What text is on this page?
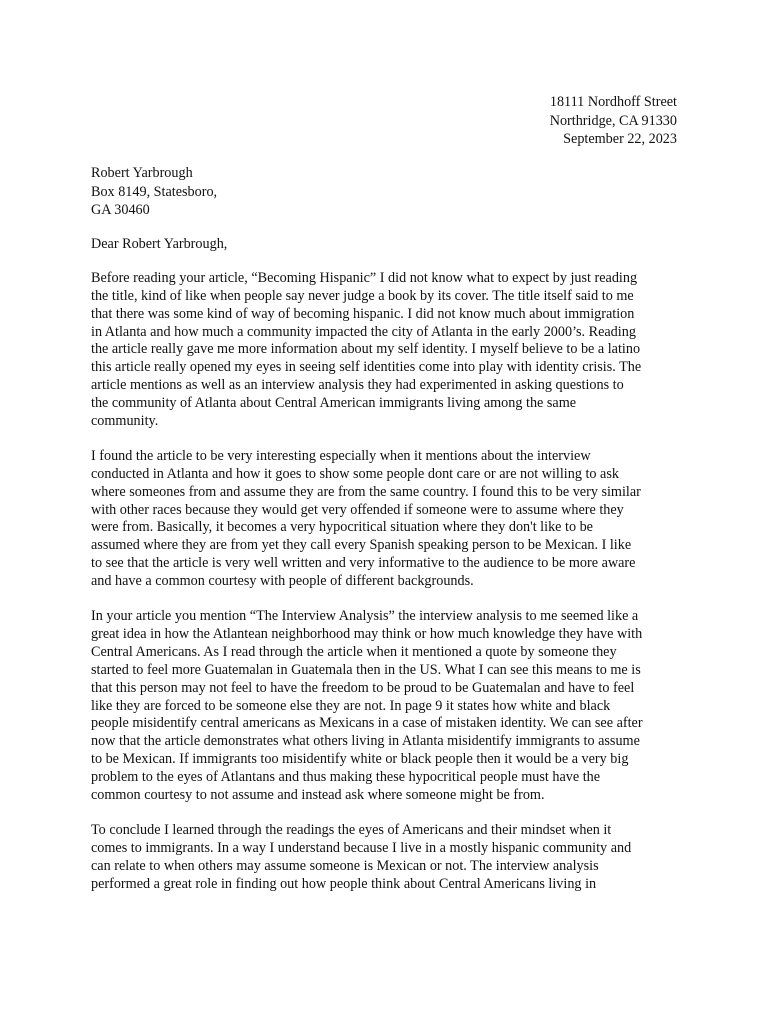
18111 Nordhoff Street
Northridge, CA 91330
September 22, 2023
Robert Yarbrough
Box 8149, Statesboro,
GA 30460
Dear Robert Yarbrough,

Before reading your article, “Becoming Hispanic” I did not know what to expect by just reading
the title, kind of like when people say never judge a book by its cover. The title itself said to me
that there was some kind of way of becoming hispanic. I did not know much about immigration
in Atlanta and how much a community impacted the city of Atlanta in the early 2000’s. Reading
the article really gave me more information about my self identity. I myself believe to be a latino
this article really opened my eyes in seeing self identities come into play with identity crisis. The
article mentions as well as an interview analysis they had experimented in asking questions to
the community of Atlanta about Central American immigrants living among the same
community.

I found the article to be very interesting especially when it mentions about the interview
conducted in Atlanta and how it goes to show some people dont care or are not willing to ask
where someones from and assume they are from the same country. I found this to be very similar
with other races because they would get very offended if someone were to assume where they
were from. Basically, it becomes a very hypocritical situation where they don't like to be
assumed where they are from yet they call every Spanish speaking person to be Mexican. I like
to see that the article is very well written and very informative to the audience to be more aware
and have a common courtesy with people of different backgrounds.

In your article you mention “The Interview Analysis” the interview analysis to me seemed like a
great idea in how the Atlantean neighborhood may think or how much knowledge they have with
Central Americans. As I read through the article when it mentioned a quote by someone they
started to feel more Guatemalan in Guatemala then in the US. What I can see this means to me is
that this person may not feel to have the freedom to be proud to be Guatemalan and have to feel
like they are forced to be someone else they are not. In page 9 it states how white and black
people misidentify central americans as Mexicans in a case of mistaken identity. We can see after
now that the article demonstrates what others living in Atlanta misidentify immigrants to assume
to be Mexican. If immigrants too misidentify white or black people then it would be a very big
problem to the eyes of Atlantans and thus making these hypocritical people must have the
common courtesy to not assume and instead ask where someone might be from.

To conclude I learned through the readings the eyes of Americans and their mindset when it
comes to immigrants. In a way I understand because I live in a mostly hispanic community and
can relate to when others may assume someone is Mexican or not. The interview analysis
performed a great role in finding out how people think about Central Americans living in
